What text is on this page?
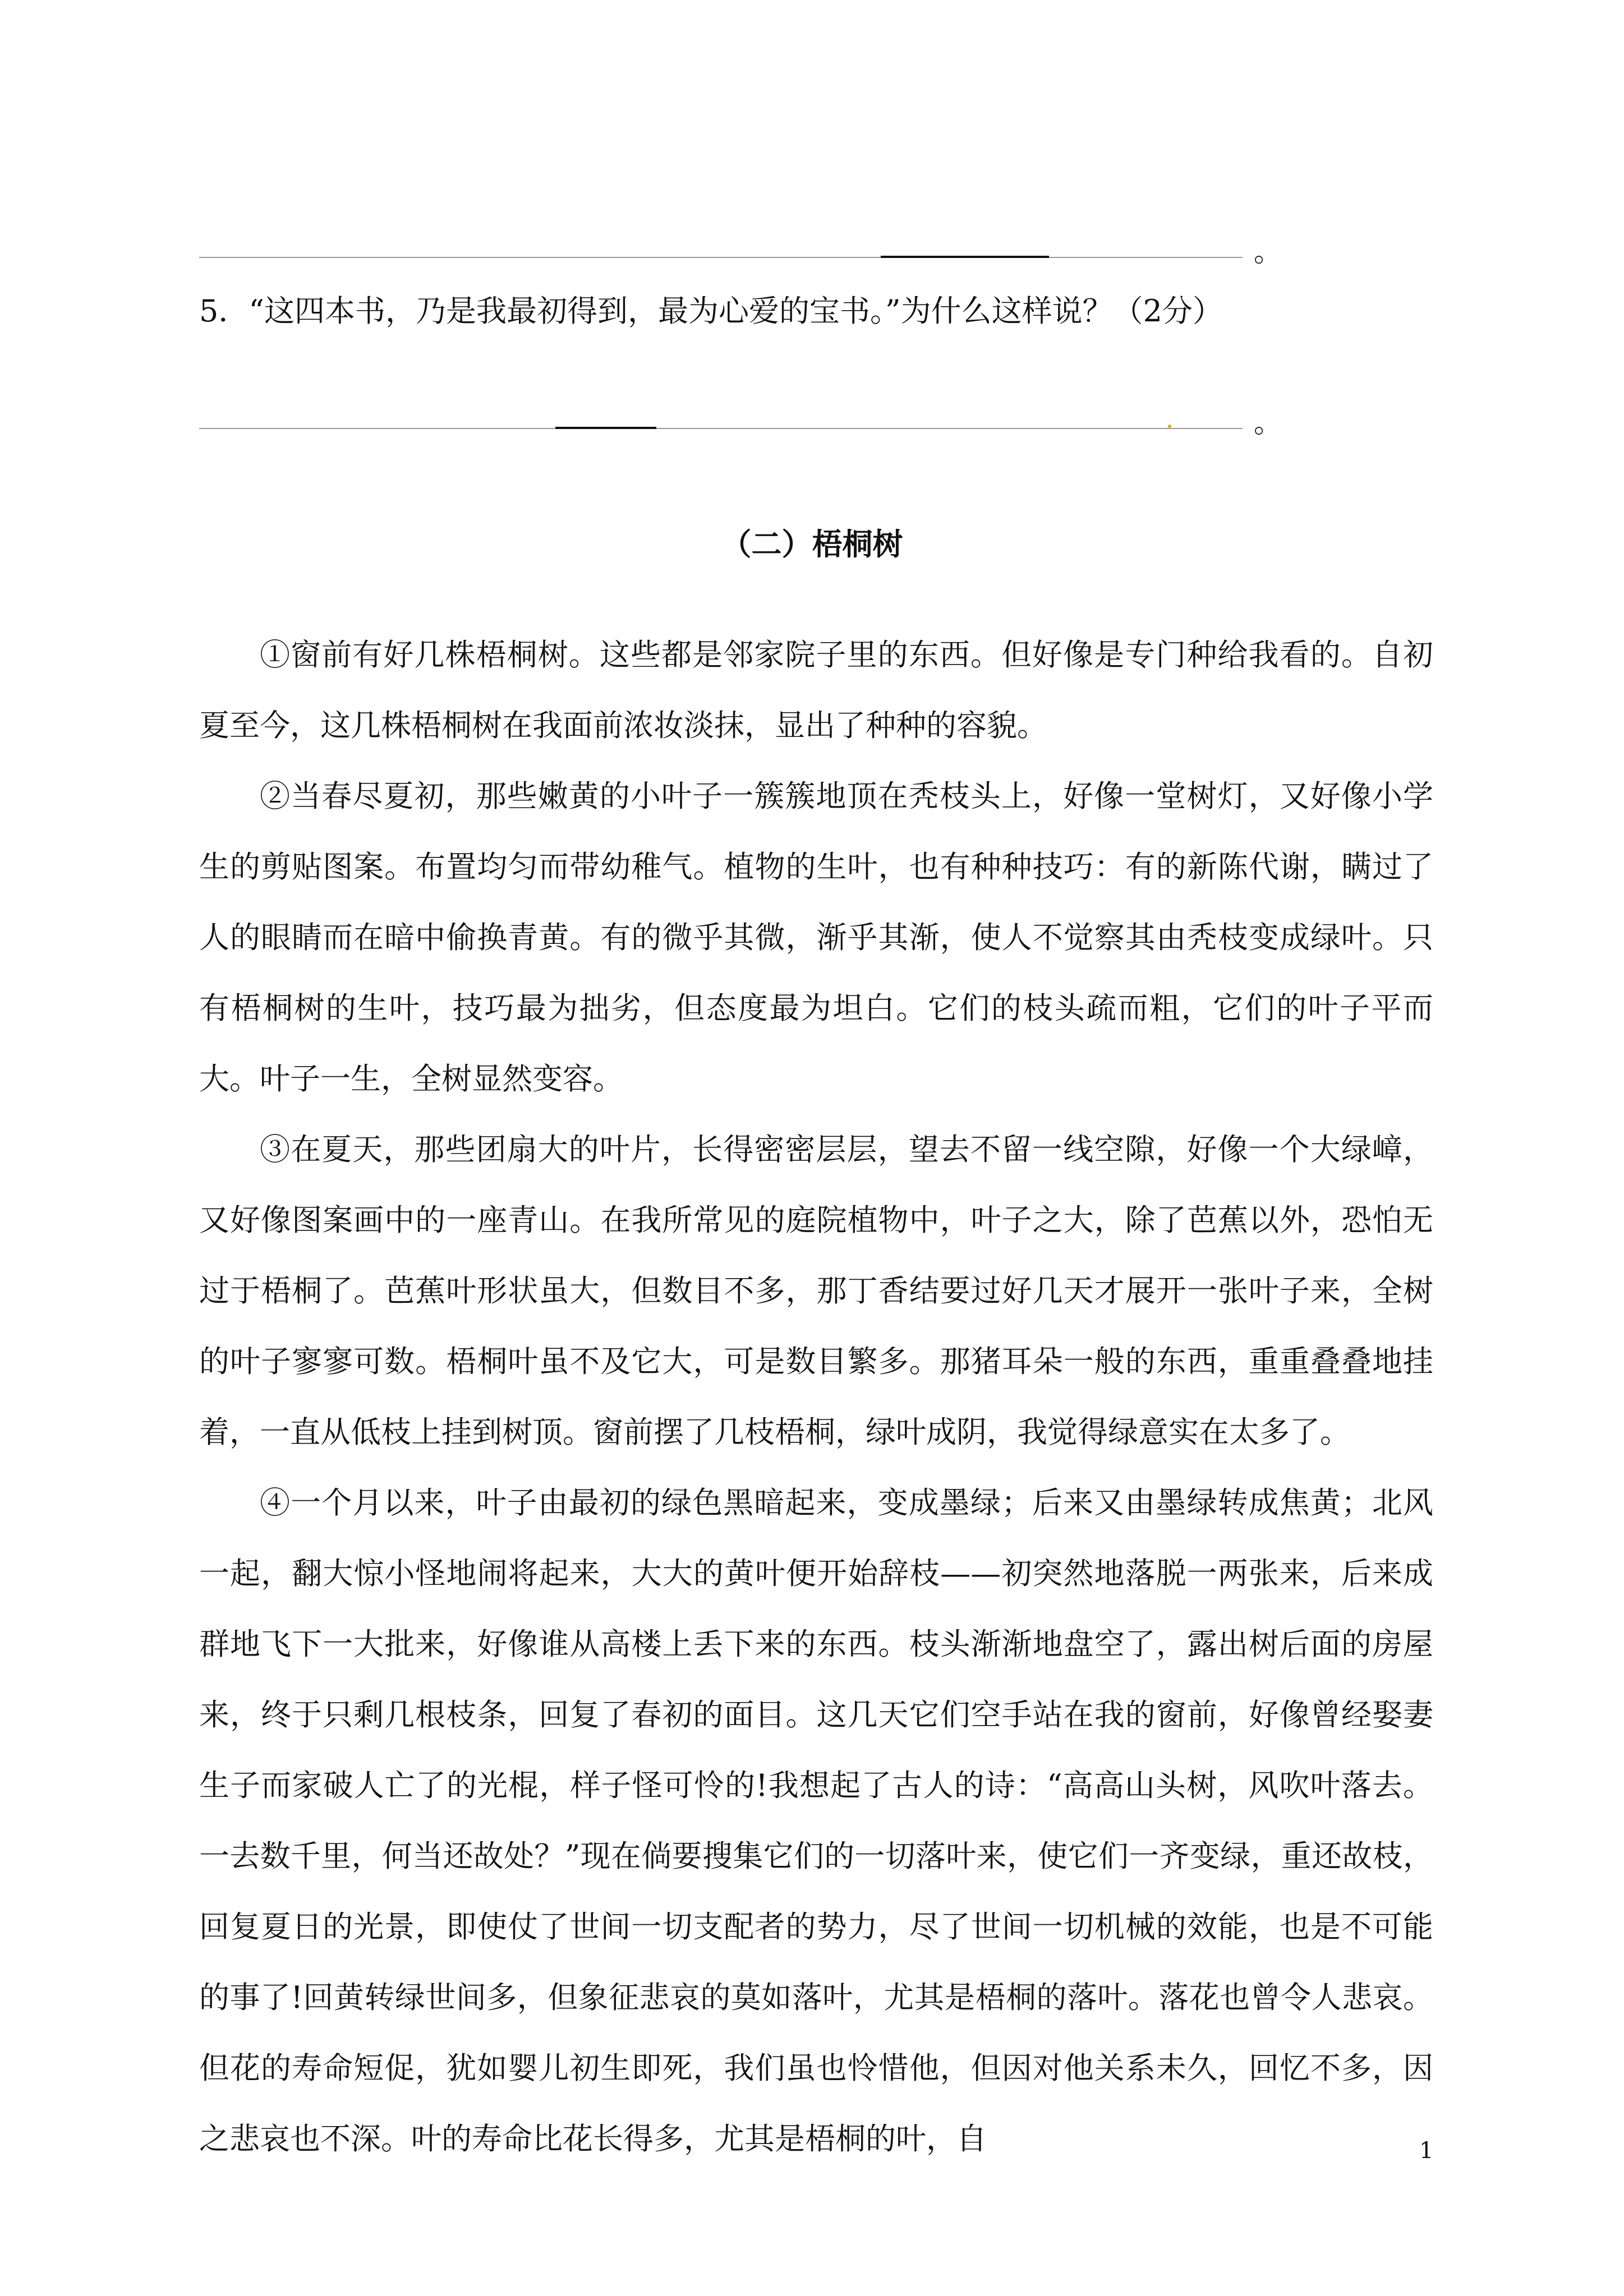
。
5．“这四本书，乃是我最初得到，最为心爱的宝书。”为什么这样说？（2分）
。
（二）梧桐树

①窗前有好几株梧桐树。这些都是邻家院子里的东西。但好像是专门种给我看的。自初夏至今，这几株梧桐树在我面前浓妆淡抹，显出了种种的容貌。

②当春尽夏初，那些嫩黄的小叶子一簇簇地顶在秃枝头上，好像一堂树灯，又好像小学生的剪贴图案。布置均匀而带幼稚气。植物的生叶，也有种种技巧：有的新陈代谢，瞒过了人的眼睛而在暗中偷换青黄。有的微乎其微，渐乎其渐，使人不觉察其由秃枝变成绿叶。只有梧桐树的生叶，技巧最为拙劣，但态度最为坦白。它们的枝头疏而粗，它们的叶子平而大。叶子一生，全树显然变容。

③在夏天，那些团扇大的叶片，长得密密层层，望去不留一线空隙，好像一个大绿嶂，又好像图案画中的一座青山。在我所常见的庭院植物中，叶子之大，除了芭蕉以外，恐怕无过于梧桐了。芭蕉叶形状虽大，但数目不多，那丁香结要过好几天才展开一张叶子来，全树的叶子寥寥可数。梧桐叶虽不及它大，可是数目繁多。那猪耳朵一般的东西，重重叠叠地挂着，一直从低枝上挂到树顶。窗前摆了几枝梧桐，绿叶成阴，我觉得绿意实在太多了。

④一个月以来，叶子由最初的绿色黑暗起来，变成墨绿；后来又由墨绿转成焦黄；北风一起，翻大惊小怪地闹将起来，大大的黄叶便开始辞枝——初突然地落脱一两张来，后来成群地飞下一大批来，好像谁从高楼上丢下来的东西。枝头渐渐地盘空了，露出树后面的房屋来，终于只剩几根枝条，回复了春初的面目。这几天它们空手站在我的窗前，好像曾经娶妻生子而家破人亡了的光棍，样子怪可怜的!我想起了古人的诗：“高高山头树，风吹叶落去。一去数千里，何当还故处？”现在倘要搜集它们的一切落叶来，使它们一齐变绿，重还故枝，回复夏日的光景，即使仗了世间一切支配者的势力，尽了世间一切机械的效能，也是不可能的事了!回黄转绿世间多，但象征悲哀的莫如落叶，尤其是梧桐的落叶。落花也曾令人悲哀。但花的寿命短促，犹如婴儿初生即死，我们虽也怜惜他，但因对他关系未久，回忆不多，因之悲哀也不深。叶的寿命比花长得多，尤其是梧桐的叶，自	1
